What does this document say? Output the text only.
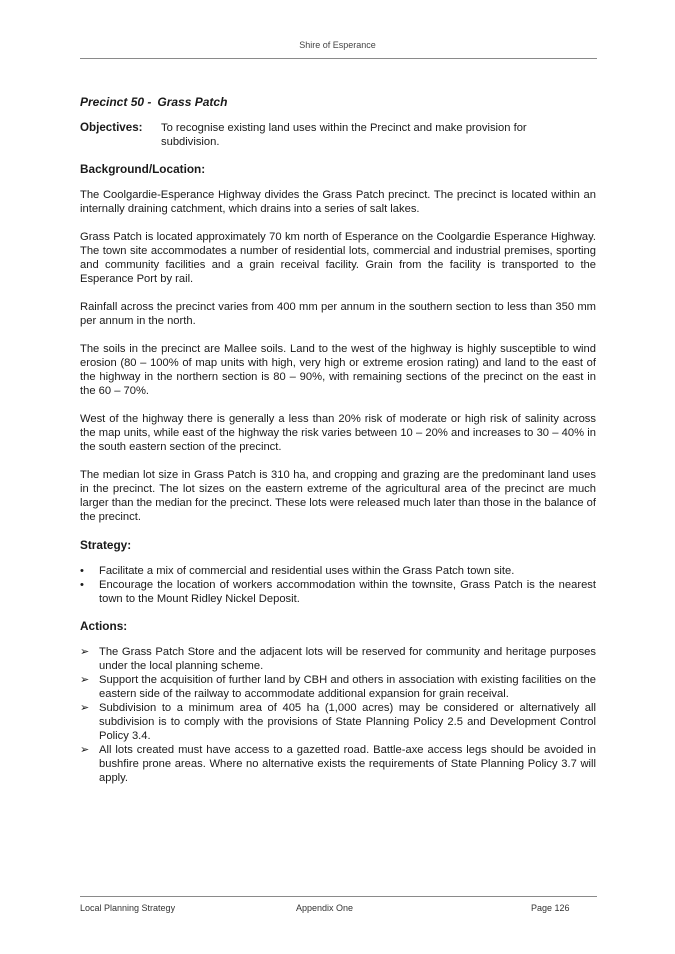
Shire of Esperance
Precinct 50 - Grass Patch
Objectives:	To recognise existing land uses within the Precinct and make provision for subdivision.
Background/Location:

The Coolgardie-Esperance Highway divides the Grass Patch precinct. The precinct is located within an internally draining catchment, which drains into a series of salt lakes.

Grass Patch is located approximately 70 km north of Esperance on the Coolgardie Esperance Highway. The town site accommodates a number of residential lots, commercial and industrial premises, sporting and community facilities and a grain receival facility. Grain from the facility is transported to the Esperance Port by rail.

Rainfall across the precinct varies from 400 mm per annum in the southern section to less than 350 mm per annum in the north.

The soils in the precinct are Mallee soils. Land to the west of the highway is highly susceptible to wind erosion (80 – 100% of map units with high, very high or extreme erosion rating) and land to the east of the highway in the northern section is 80 – 90%, with remaining sections of the precinct on the east in the 60 – 70%.

West of the highway there is generally a less than 20% risk of moderate or high risk of salinity across the map units, while east of the highway the risk varies between 10 – 20% and increases to 30 – 40% in the south eastern section of the precinct.

The median lot size in Grass Patch is 310 ha, and cropping and grazing are the predominant land uses in the precinct. The lot sizes on the eastern extreme of the agricultural area of the precinct are much larger than the median for the precinct. These lots were released much later than those in the balance of the precinct.

Strategy:
•	Facilitate a mix of commercial and residential uses within the Grass Patch town site.
•	Encourage the location of workers accommodation within the townsite, Grass Patch is the nearest town to the Mount Ridley Nickel Deposit.
Actions:
➢ The Grass Patch Store and the adjacent lots will be reserved for community and heritage purposes under the local planning scheme.
➢ Support the acquisition of further land by CBH and others in association with existing facilities on the eastern side of the railway to accommodate additional expansion for grain receival.
➢ Subdivision to a minimum area of 405 ha (1,000 acres) may be considered or alternatively all subdivision is to comply with the provisions of State Planning Policy 2.5 and Development Control Policy 3.4.
➢ All lots created must have access to a gazetted road. Battle-axe access legs should be avoided in bushfire prone areas. Where no alternative exists the requirements of State Planning Policy 3.7 will apply.
Local Planning Strategy	Appendix One	Page 126
